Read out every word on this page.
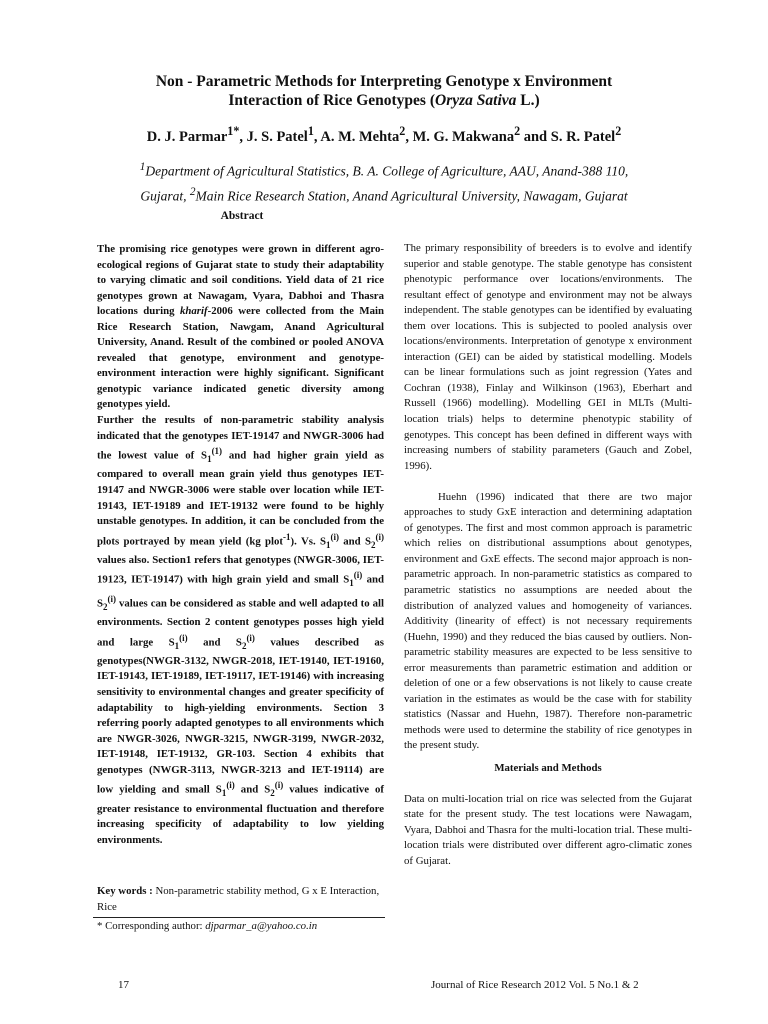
Non - Parametric Methods for Interpreting Genotype x Environment
Interaction of Rice Genotypes (Oryza Sativa L.)
D. J. Parmar$^{1*}$, J. S. Patel$^1$, A. M. Mehta$^2$, M. G. Makwana$^2$ and S. R. Patel$^2$
$^1$Department of Agricultural Statistics, B. A. College of Agriculture, AAU, Anand-388 110,
Gujarat, $^2$Main Rice Research Station, Anand Agricultural University, Nawagam, Gujarat
Abstract

The promising rice genotypes were grown in different agro-ecological regions of Gujarat state to study their adaptability to varying climatic and soil conditions. Yield data of 21 rice genotypes grown at Nawagam, Vyara, Dabhoi and Thasra locations during kharif-2006 were collected from the Main Rice Research Station, Nawgam, Anand Agricultural University, Anand. Result of the combined or pooled ANOVA revealed that genotype, environment and genotype-environment interaction were highly significant. Significant genotypic variance indicated genetic diversity among genotypes yield.

Further the results of non-parametric stability analysis indicated that the genotypes IET-19147 and NWGR-3006 had the lowest value of $S_1^{(1)}$ and had higher grain yield as compared to overall mean grain yield thus genotypes IET-19147 and NWGR-3006 were stable over location while IET-19143, IET-19189 and IET-19132 were found to be highly unstable genotypes. In addition, it can be concluded from the plots portrayed by mean yield (kg plot$^{-1}$). Vs. $S_1^{(i)}$ and $S_2^{(i)}$ values also. Section1 refers that genotypes (NWGR-3006, IET-19123, IET-19147) with high grain yield and small $S_1^{(i)}$ and $S_2^{(i)}$ values can be considered as stable and well adapted to all environments. Section 2 content genotypes posses high yield and large $S_1^{(i)}$ and $S_2^{(i)}$ values described as genotypes(NWGR-3132, NWGR-2018, IET-19140, IET-19160, IET-19143, IET-19189, IET-19117, IET-19146) with increasing sensitivity to environmental changes and greater specificity of adaptability to high-yielding environments. Section 3 referring poorly adapted genotypes to all environments which are NWGR-3026, NWGR-3215, NWGR-3199, NWGR-2032, IET-19148, IET-19132, GR-103. Section 4 exhibits that genotypes (NWGR-3113, NWGR-3213 and IET-19114) are low yielding and small $S_1^{(i)}$ and $S_2^{(i)}$ values indicative of greater resistance to environmental fluctuation and therefore increasing specificity of adaptability to low yielding environments.

Key words : Non-parametric stability method, G x E Interaction, Rice
* Corresponding author: djparmar_a@yahoo.co.in

The primary responsibility of breeders is to evolve and identify superior and stable genotype. The stable genotype has consistent phenotypic performance over locations/environments. The resultant effect of genotype and environment may not be always independent. The stable genotypes can be identified by evaluating them over locations. This is subjected to pooled analysis over locations/environments. Interpretation of genotype x environment interaction (GEI) can be aided by statistical modelling. Models can be linear formulations such as joint regression (Yates and Cochran (1938), Finlay and Wilkinson (1963), Eberhart and Russell (1966) modelling). Modelling GEI in MLTs (Multi-location trials) helps to determine phenotypic stability of genotypes. This concept has been defined in different ways with increasing numbers of stability parameters (Gauch and Zobel, 1996).

Huehn (1996) indicated that there are two major approaches to study GxE interaction and determining adaptation of genotypes. The first and most common approach is parametric which relies on distributional assumptions about genotypes, environment and GxE effects. The second major approach is non-parametric approach. In non-parametric statistics as compared to parametric statistics no assumptions are needed about the distribution of analyzed values and homogeneity of variances. Additivity (linearity of effect) is not necessary requirements (Huehn, 1990) and they reduced the bias caused by outliers. Non-parametric stability measures are expected to be less sensitive to error measurements than parametric estimation and addition or deletion of one or a few observations is not likely to cause create variation in the estimates as would be the case with for stability statistics (Nassar and Huehn, 1987). Therefore non-parametric methods were used to determine the stability of rice genotypes in the present study.

Materials and Methods

Data on multi-location trial on rice was selected from the Gujarat state for the present study. The test locations were Nawagam, Vyara, Dabhoi and Thasra for the multi-location trial. These multi-location trials were distributed over different agro-climatic zones of Gujarat.

17	Journal of Rice Research 2012 Vol. 5 No.1 & 2
